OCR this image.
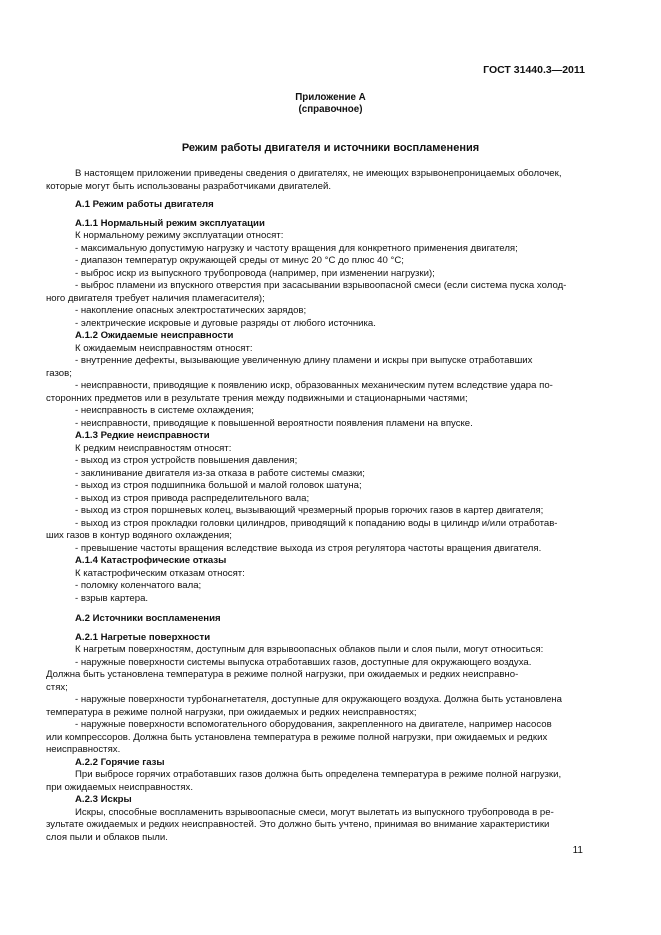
ГОСТ 31440.3—2011
Приложение А
(справочное)
Режим работы двигателя и источники воспламенения
В настоящем приложении приведены сведения о двигателях, не имеющих взрывонепроницаемых оболочек,
которые могут быть использованы разработчиками двигателей.
А.1 Режим работы двигателя
А.1.1 Нормальный режим эксплуатации
К нормальному режиму эксплуатации относят:
- максимальную допустимую нагрузку и частоту вращения для конкретного применения двигателя;
- диапазон температур окружающей среды от минус 20 °С до плюс 40 °С;
- выброс искр из выпускного трубопровода (например, при изменении нагрузки);
- выброс пламени из впускного отверстия при засасывании взрывоопасной смеси (если система пуска холод-
ного двигателя требует наличия пламегасителя);
- накопление опасных электростатических зарядов;
- электрические искровые и дуговые разряды от любого источника.
А.1.2 Ожидаемые неисправности
К ожидаемым неисправностям относят:
- внутренние дефекты, вызывающие увеличенную длину пламени и искры при выпуске отработавших
газов;
- неисправности, приводящие к появлению искр, образованных механическим путем вследствие удара по-
сторонних предметов или в результате трения между подвижными и стационарными частями;
- неисправность в системе охлаждения;
- неисправности, приводящие к повышенной вероятности появления пламени на впуске.
А.1.3 Редкие неисправности
К редким неисправностям относят:
- выход из строя устройств повышения давления;
- заклинивание двигателя из-за отказа в работе системы смазки;
- выход из строя подшипника большой и малой головок шатуна;
- выход из строя привода распределительного вала;
- выход из строя поршневых колец, вызывающий чрезмерный прорыв горючих газов в картер двигателя;
- выход из строя прокладки головки цилиндров, приводящий к попаданию воды в цилиндр и/или отработав-
ших газов в контур водяного охлаждения;
- превышение частоты вращения вследствие выхода из строя регулятора частоты вращения двигателя.
А.1.4 Катастрофические отказы
К катастрофическим отказам относят:
- поломку коленчатого вала;
- взрыв картера.
А.2 Источники воспламенения
А.2.1 Нагретые поверхности
К нагретым поверхностям, доступным для взрывоопасных облаков пыли и слоя пыли, могут относиться:
- наружные поверхности системы выпуска отработавших газов, доступные для окружающего воздуха.
Должна быть установлена температура в режиме полной нагрузки, при ожидаемых и редких неисправно-
стях;
- наружные поверхности турбонагнетателя, доступные для окружающего воздуха. Должна быть установлена
температура в режиме полной нагрузки, при ожидаемых и редких неисправностях;
- наружные поверхности вспомогательного оборудования, закрепленного на двигателе, например насосов
или компрессоров. Должна быть установлена температура в режиме полной нагрузки, при ожидаемых и редких
неисправностях.
А.2.2 Горячие газы
При выбросе горячих отработавших газов должна быть определена температура в режиме полной нагрузки,
при ожидаемых неисправностях.
А.2.3 Искры
Искры, способные воспламенить взрывоопасные смеси, могут вылетать из выпускного трубопровода в ре-
зультате ожидаемых и редких неисправностей. Это должно быть учтено, принимая во внимание характеристики
слоя пыли и облаков пыли.
11
